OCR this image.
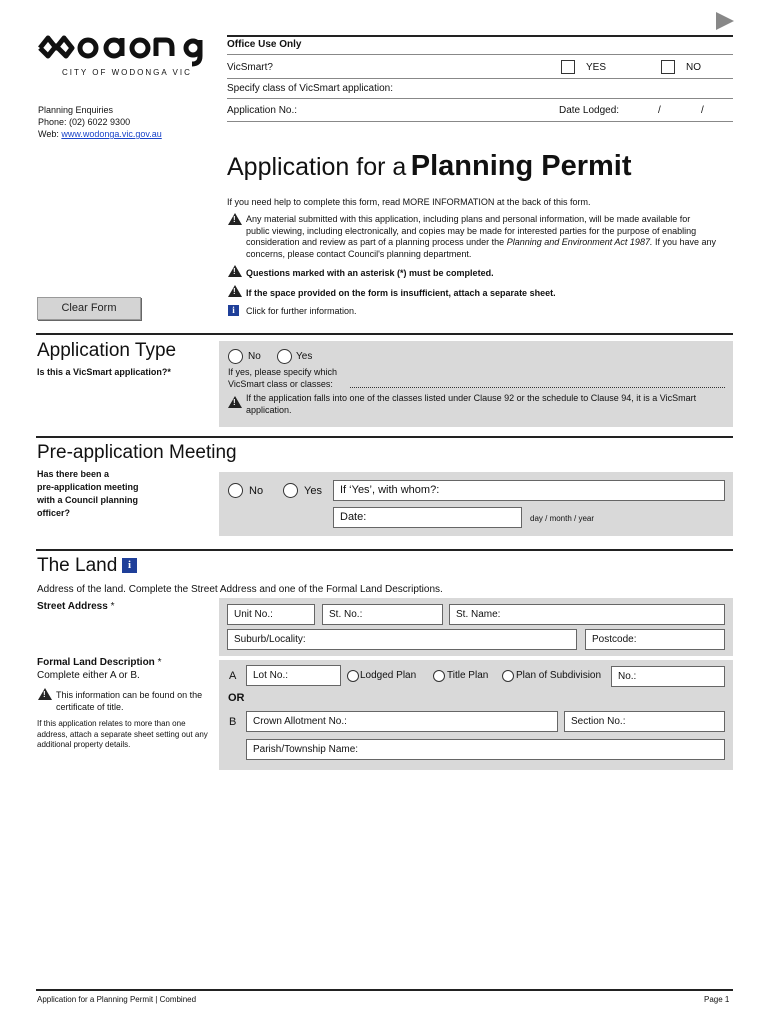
CITY OF WODONGA VIC
Planning Enquiries
Phone: (02) 6022 9300
Web: www.wodonga.vic.gov.au
Office Use Only
VicSmart?	YES	NO
Specify class of VicSmart application:
Application No.:	Date Lodged:	/	/
Application for a Planning Permit
If you need help to complete this form, read MORE INFORMATION at the back of this form.
!
Any material submitted with this application, including plans and personal information, will be made available for public viewing, including electronically, and copies may be made for interested parties for the purpose of enabling consideration and review as part of a planning process under the Planning and Environment Act 1987. If you have any concerns, please contact Council's planning department.
!
Questions marked with an asterisk (*) must be completed.
!
If the space provided on the form is insufficient, attach a separate sheet.
i	Click for further information.
Clear Form
Application Type
Is this a VicSmart application?*
No	Yes
If yes, please specify which
VicSmart class or classes:
!
If the application falls into one of the classes listed under Clause 92 or the schedule to Clause 94, it is a VicSmart application.
Pre-application Meeting
Has there been a
pre-application meeting
with a Council planning
officer?
No	Yes	If ‘Yes’, with whom?:
Date:	day / month / year
The Land i
Address of the land. Complete the Street Address and one of the Formal Land Descriptions.
Street Address *
Unit No.:	St. No.:	St. Name:
Suburb/Locality:	Postcode:
Formal Land Description *
Complete either A or B.
!
This information can be found on the certificate of title.
If this application relates to more than one address, attach a separate sheet setting out any additional property details.
A	Lot No.:	Lodged Plan	Title Plan	Plan of Subdivision	No.:
OR
B	Crown Allotment No.:	Section No.:
Parish/Township Name:
Application for a Planning Permit | Combined	Page 1
